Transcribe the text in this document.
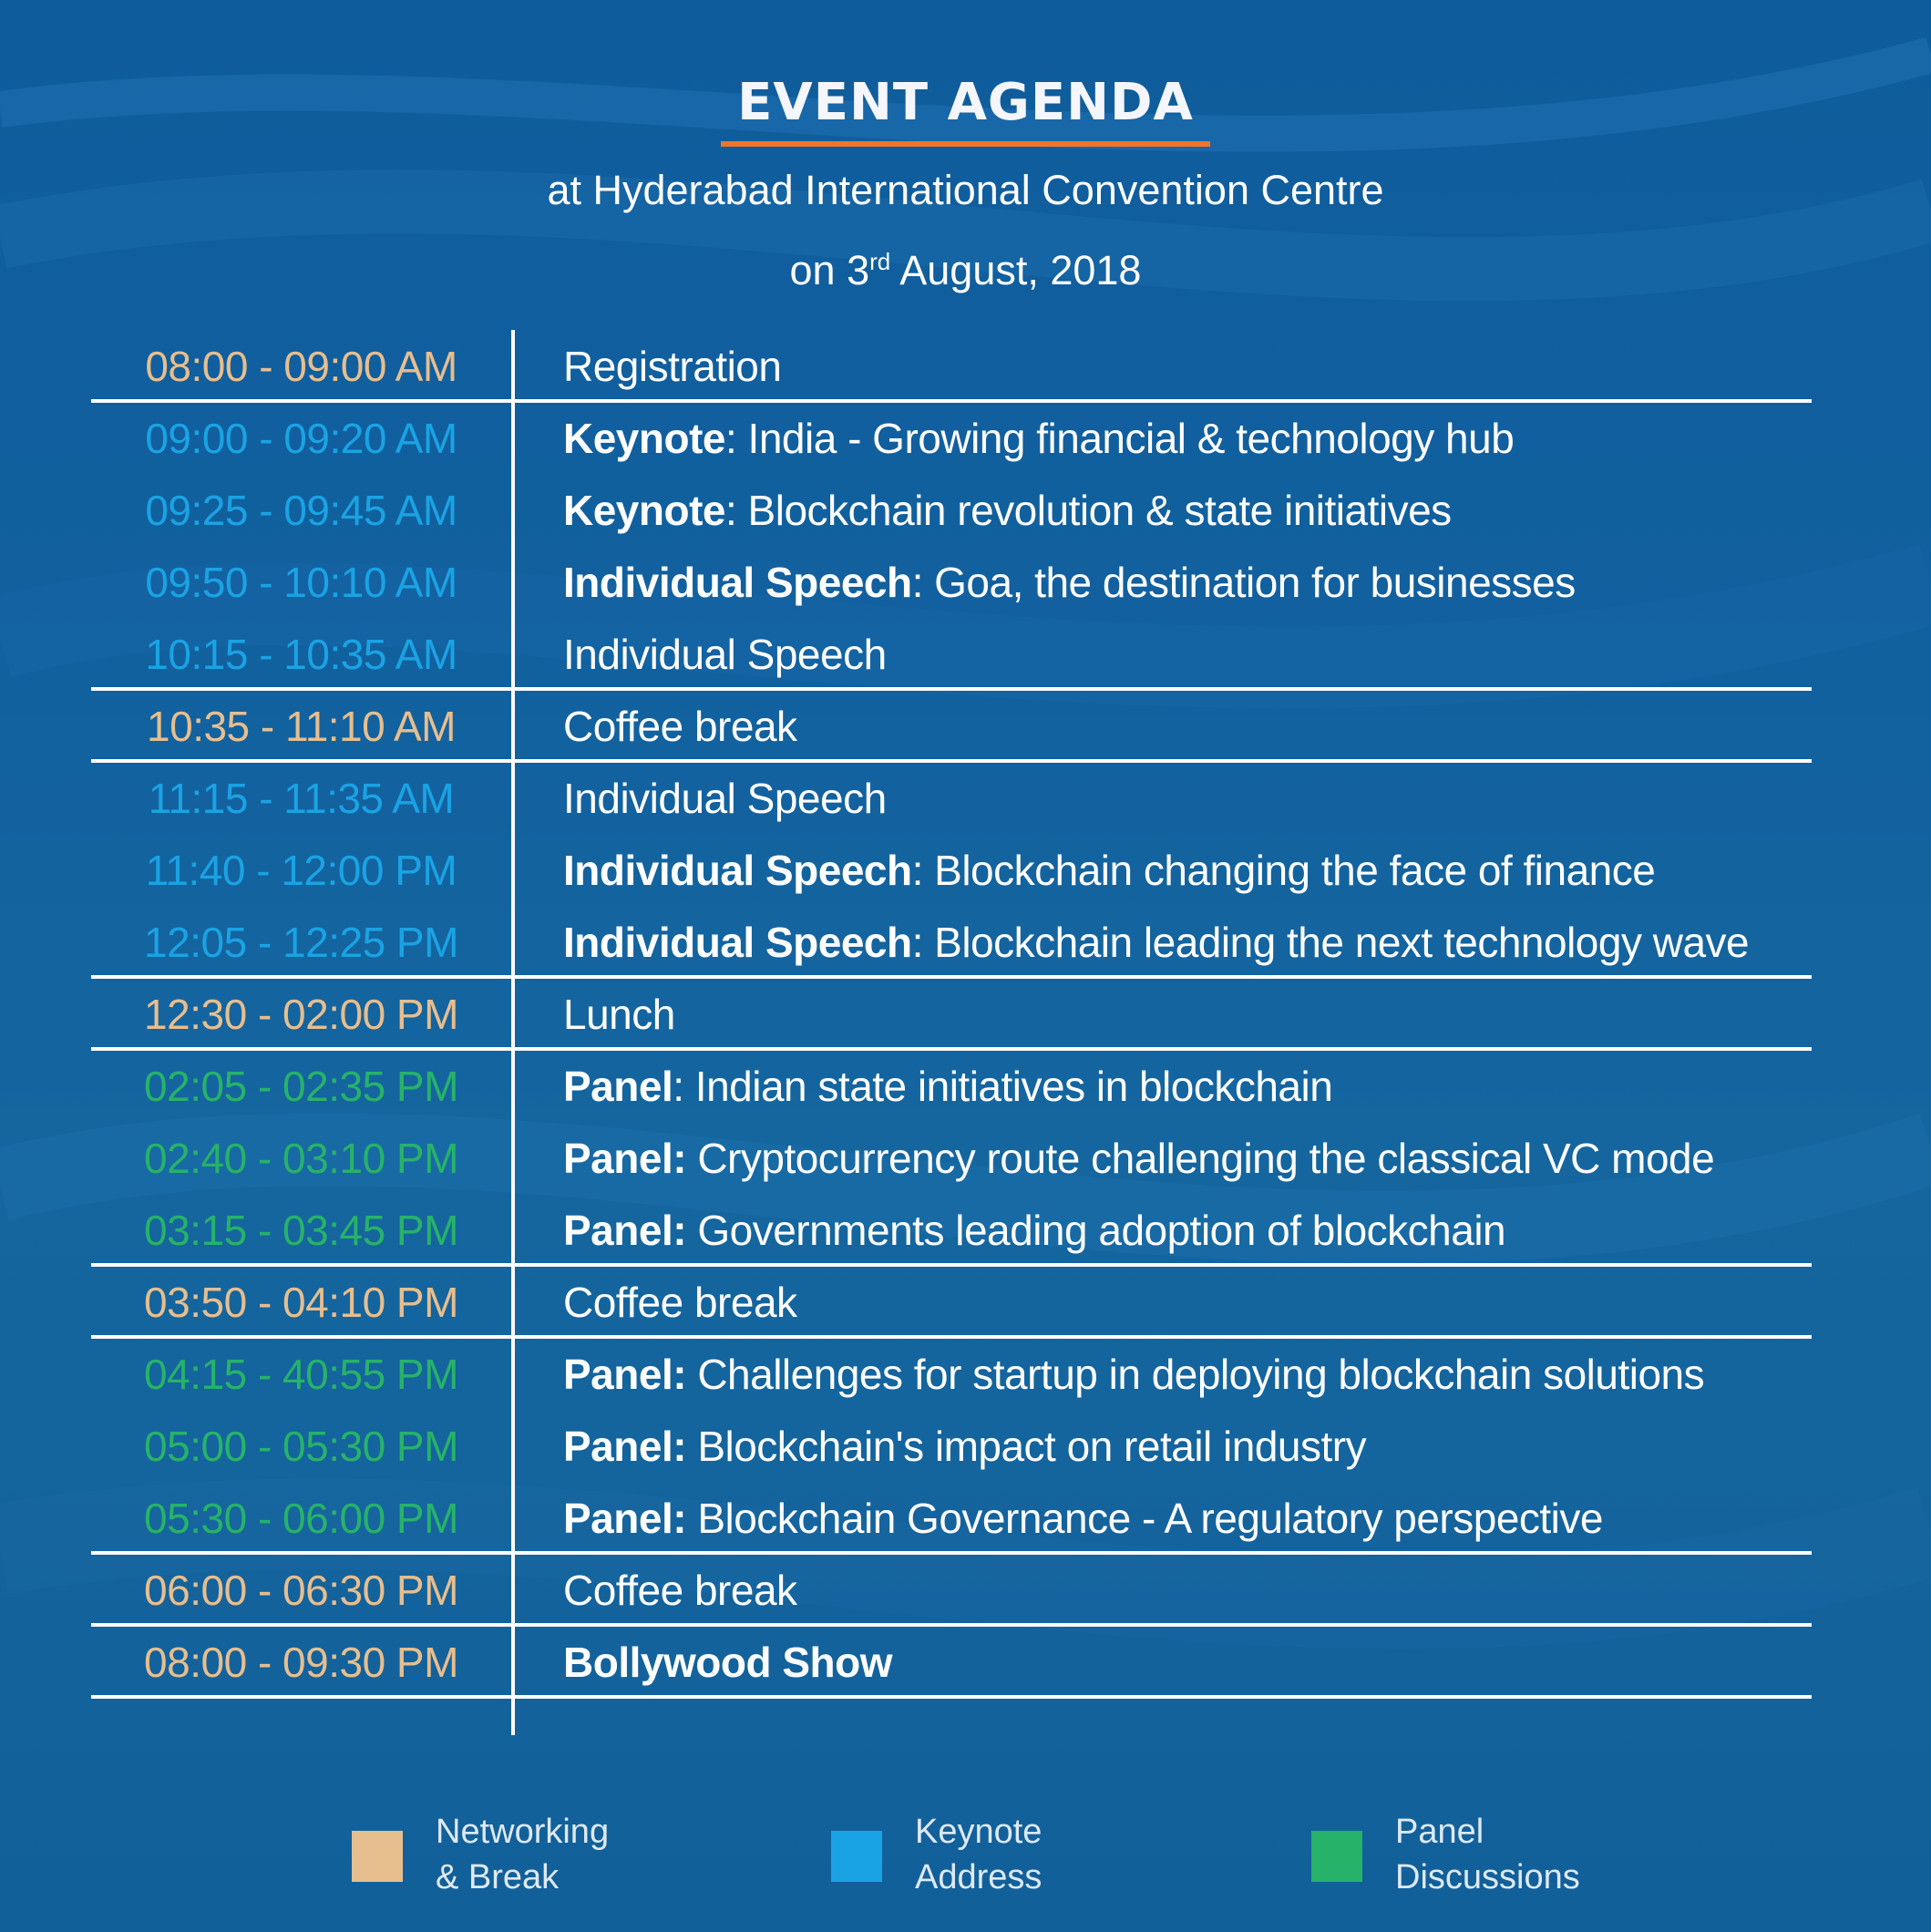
EVENT AGENDA
at Hyderabad International Convention Centre
on 3rd August, 2018
08:00 - 09:00 AM	Registration
09:00 - 09:20 AM	Keynote: India - Growing financial & technology hub
09:25 - 09:45 AM	Keynote: Blockchain revolution & state initiatives
09:50 - 10:10 AM	Individual Speech: Goa, the destination for businesses
10:15 - 10:35 AM	Individual Speech
10:35 - 11:10 AM	Coffee break
11:15 - 11:35 AM	Individual Speech
11:40 - 12:00 PM	Individual Speech: Blockchain changing the face of finance
12:05 - 12:25 PM	Individual Speech: Blockchain leading the next technology wave
12:30 - 02:00 PM	Lunch
02:05 - 02:35 PM	Panel: Indian state initiatives in blockchain
02:40 - 03:10 PM	Panel: Cryptocurrency route challenging the classical VC mode
03:15 - 03:45 PM	Panel: Governments leading adoption of blockchain
03:50 - 04:10 PM	Coffee break
04:15 - 40:55 PM	Panel: Challenges for startup in deploying blockchain solutions
05:00 - 05:30 PM	Panel: Blockchain's impact on retail industry
05:30 - 06:00 PM	Panel: Blockchain Governance - A regulatory perspective
06:00 - 06:30 PM	Coffee break
08:00 - 09:30 PM	Bollywood Show
Networking
& Break
Keynote
Address
Panel
Discussions
